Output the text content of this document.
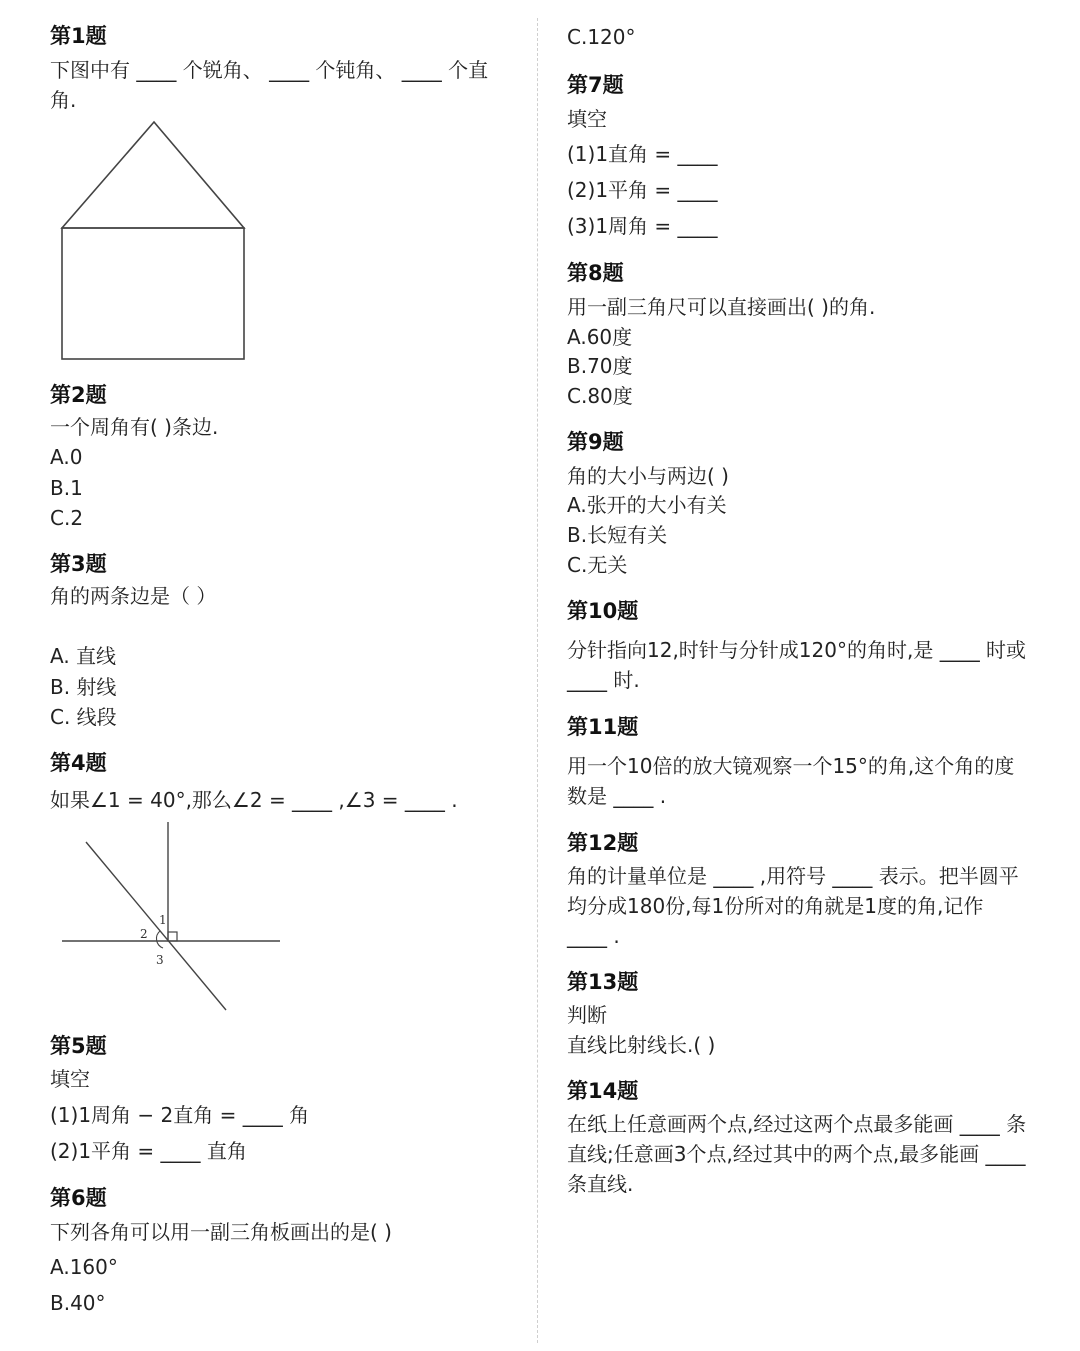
第1题
下图中有 ____ 个锐角、 ____ 个钝角、 ____ 个直角.
第2题
一个周角有( )条边.
A.0
B.1
C.2
第3题
角的两条边是（ ）
A. 直线
B. 射线
C. 线段
第4题
如果∠1 = 40°,那么∠2 = ____ ,∠3 = ____ .
1
2
3
第5题
填空
(1)1周角 − 2直角 = ____ 角
(2)1平角 = ____ 直角
第6题
下列各角可以用一副三角板画出的是( )
A.160°
B.40°
C.120°
第7题
填空
(1)1直角 = ____
(2)1平角 = ____
(3)1周角 = ____
第8题
用一副三角尺可以直接画出( )的角.
A.60度
B.70度
C.80度
第9题
角的大小与两边( )
A.张开的大小有关
B.长短有关
C.无关
第10题
分针指向12,时针与分针成120°的角时,是 ____ 时或 ____ 时.
第11题
用一个10倍的放大镜观察一个15°的角,这个角的度数是 ____ .
第12题
角的计量单位是 ____ ,用符号 ____ 表示。把半圆平均分成180份,每1份所对的角就是1度的角,记作 ____ .
第13题
判断
直线比射线长.( )
第14题
在纸上任意画两个点,经过这两个点最多能画 ____ 条直线;任意画3个点,经过其中的两个点,最多能画 ____ 条直线.
